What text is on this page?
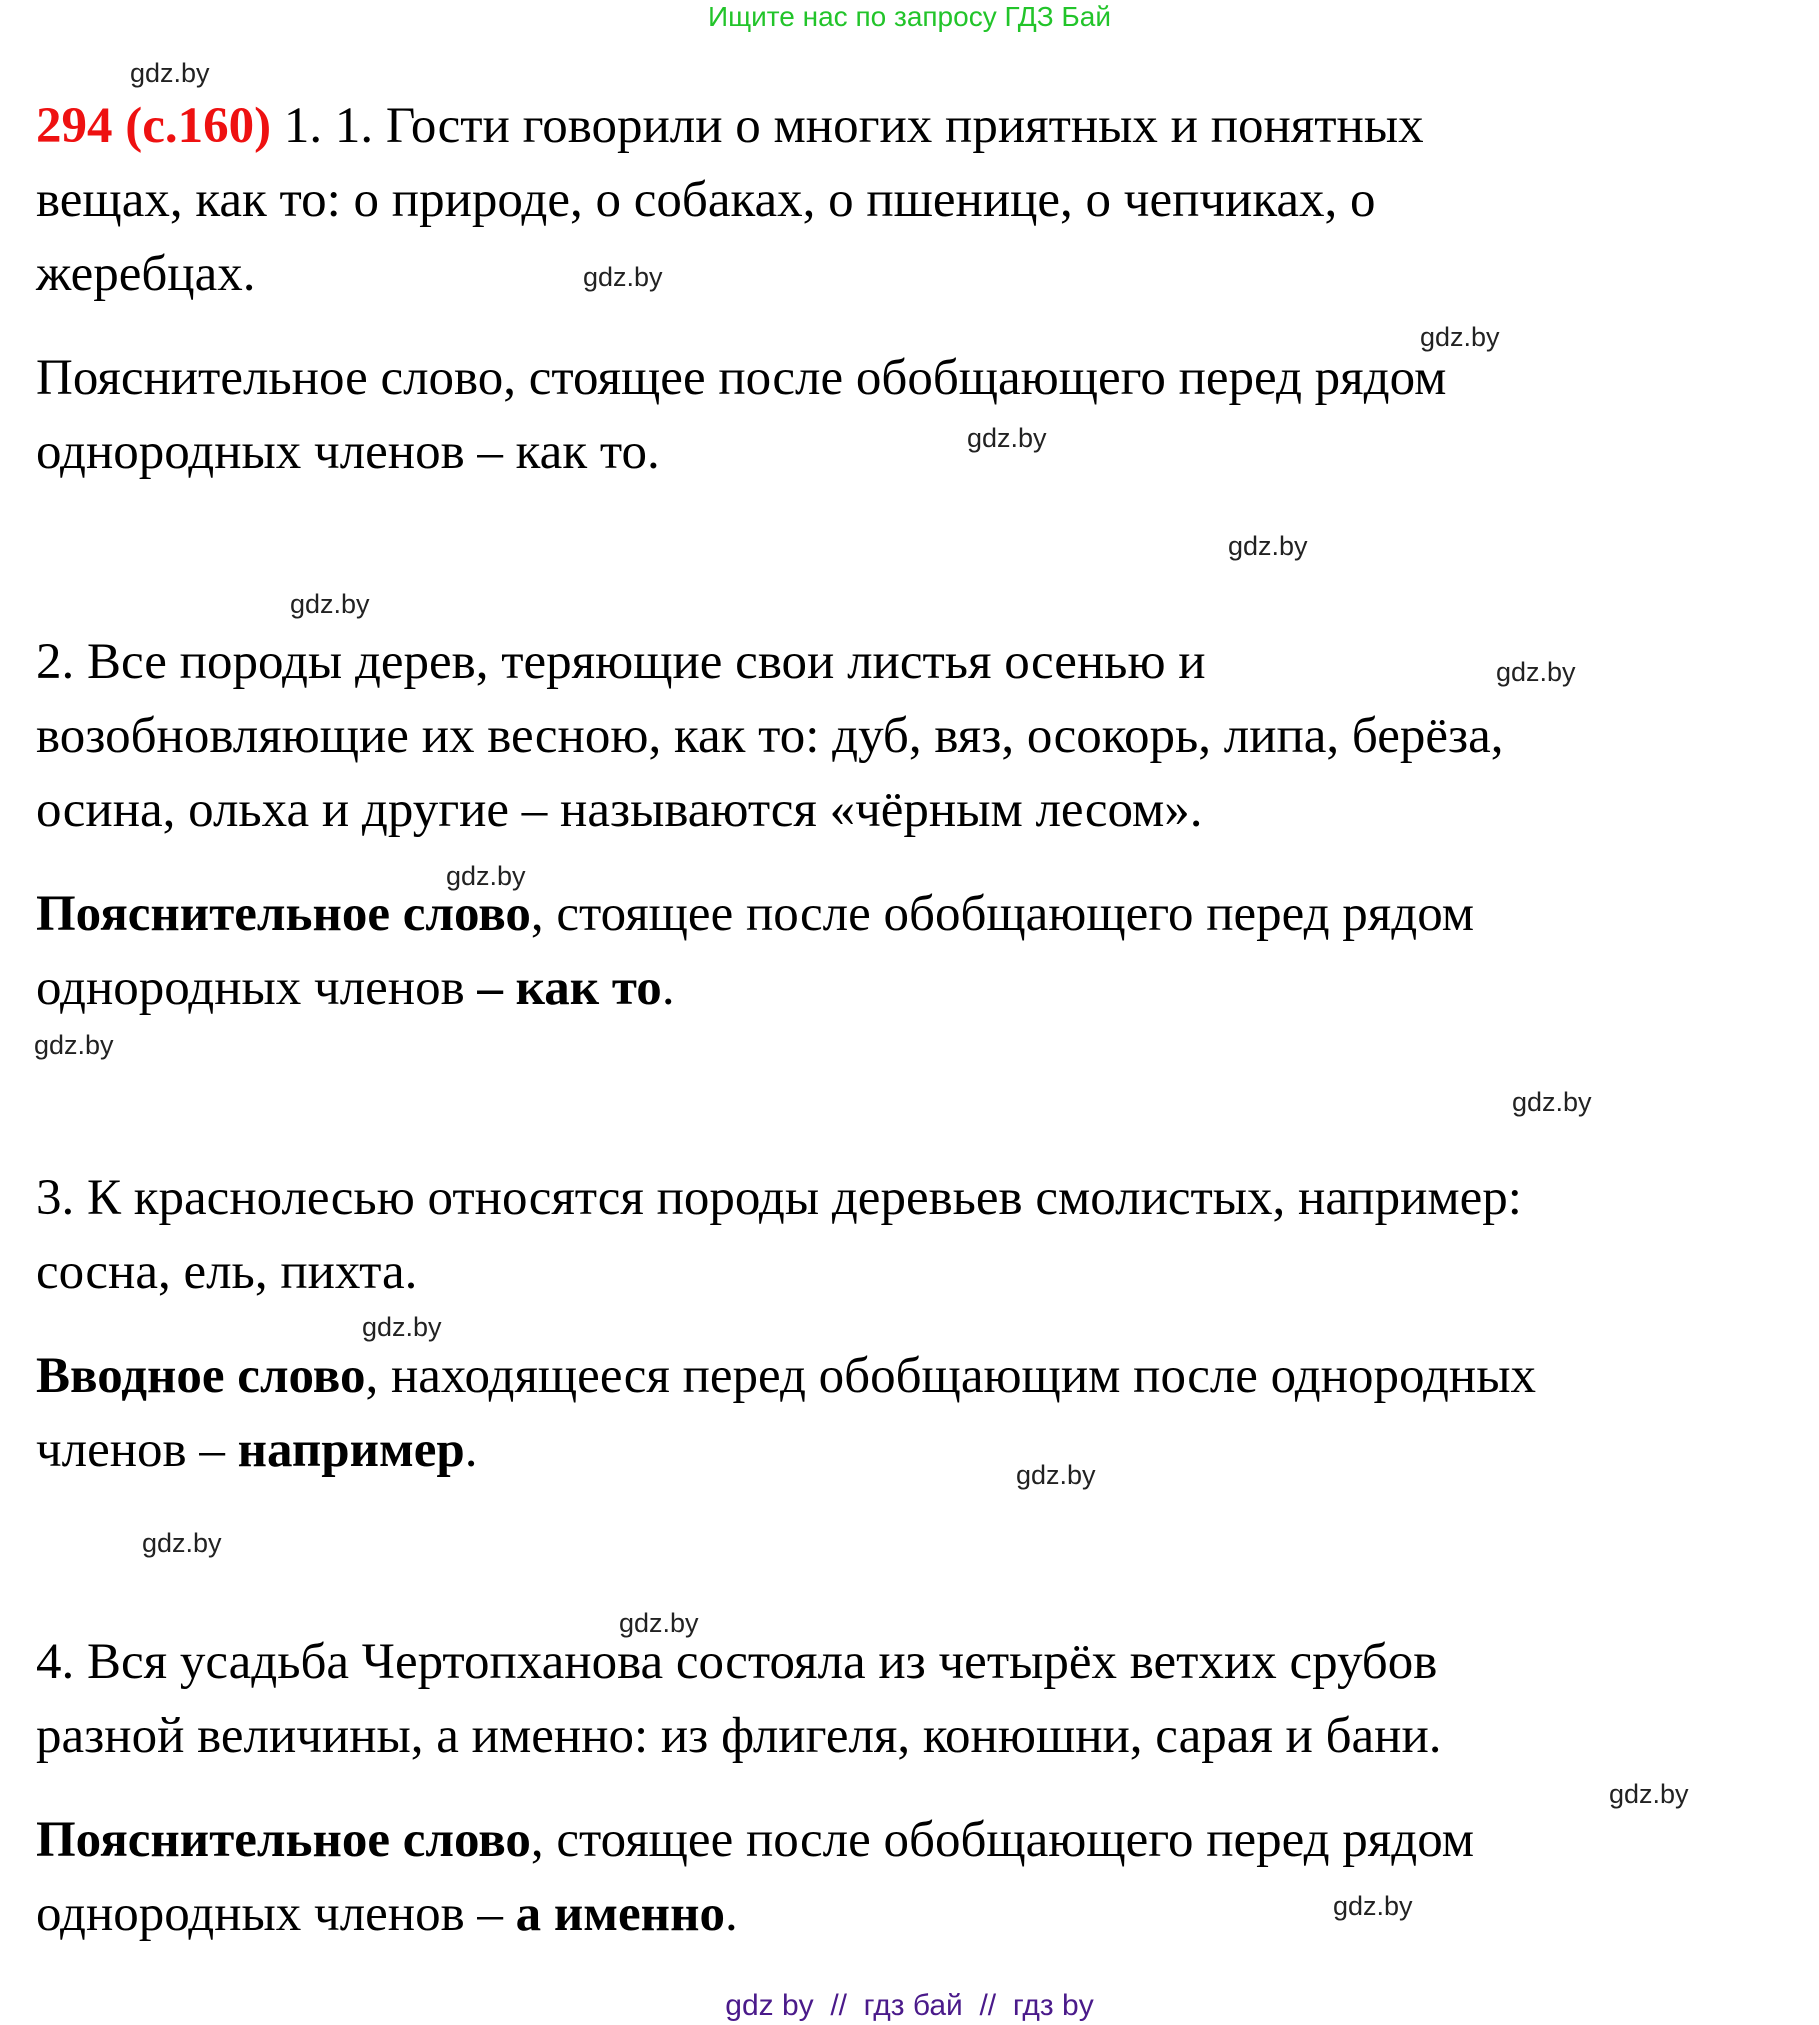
Ищите нас по запросу ГДЗ Бай
gdz.by
gdz.by
gdz.by
gdz.by
gdz.by
gdz.by
gdz.by
gdz.by
gdz.by
gdz.by
gdz.by
gdz.by
gdz.by
gdz.by
gdz.by
gdz.by
294 (с.160) 1. 1. Гости говорили о многих приятных и понятных
вещах, как то: о природе, о собаках, о пшенице, о чепчиках, о
жеребцах.
Пояснительное слово, стоящее после обобщающего перед рядом
однородных членов – как то.
2. Все породы дерев, теряющие свои листья осенью и
возобновляющие их весною, как то: дуб, вяз, осокорь, липа, берёза,
осина, ольха и другие – называются «чёрным лесом».
Пояснительное слово, стоящее после обобщающего перед рядом
однородных членов – как то.
3. К краснолесью относятся породы деревьев смолистых, например:
сосна, ель, пихта.
Вводное слово, находящееся перед обобщающим после однородных
членов – например.
4. Вся усадьба Чертопханова состояла из четырёх ветхих срубов
разной величины, а именно: из флигеля, конюшни, сарая и бани.
Пояснительное слово, стоящее после обобщающего перед рядом
однородных членов – а именно.
gdz by  //  гдз бай  //  гдз by
